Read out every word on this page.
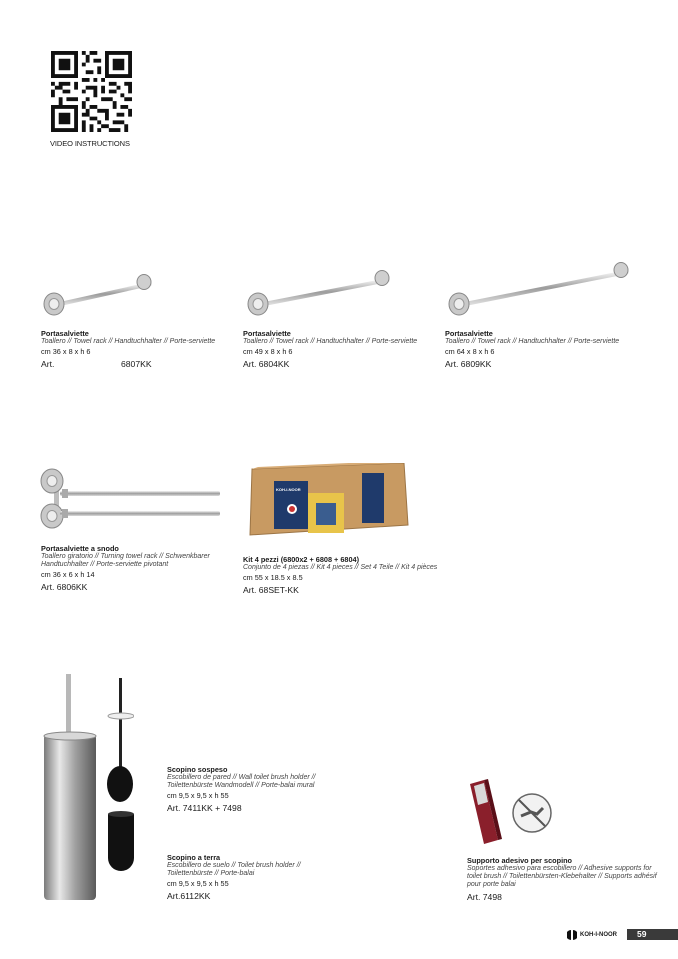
VIDEO INSTRUCTIONS
KOH-I-NOOR
Portasalviette
Toallero // Towel rack // Handtuchhalter // Porte-serviette
cm 36 x 8 x h 6
Art.	6807KK
Portasalviette
Toallero // Towel rack // Handtuchhalter // Porte-serviette
cm 49 x 8 x h 6
Art. 6804KK
Portasalviette
Toallero // Towel rack // Handtuchhalter // Porte-serviette
cm 64 x 8 x h 6
Art. 6809KK
Portasalviette a snodo
Toallero giratorio // Turning towel rack // Schwenkbarer Handtuchhalter // Porte-serviette pivotant
cm 36 x 6 x h 14
Art. 6806KK
Kit 4 pezzi (6800x2 + 6808 + 6804)
Conjunto de 4 piezas // Kit 4 pieces // Set 4 Teile // Kit 4 pièces
cm 55 x 18.5 x 8.5
Art. 68SET-KK
Scopino sospeso
Escobillero de pared // Wall toilet brush holder // Toilettenbürste Wandmodell // Porte-balai mural
cm 9,5 x 9,5 x h 55
Art. 7411KK + 7498
Scopino a terra
Escobillero de suelo // Toilet brush holder // Toilettenbürste // Porte-balai
cm 9,5 x 9,5 x h 55
Art.6112KK
Supporto adesivo per scopino
Soportes adhesivo para escobillero // Adhesive supports for toilet brush // Toilettenbürsten-Klebehalter // Supports adhésif pour porte balai
Art. 7498
KOH-I-NOOR	59
